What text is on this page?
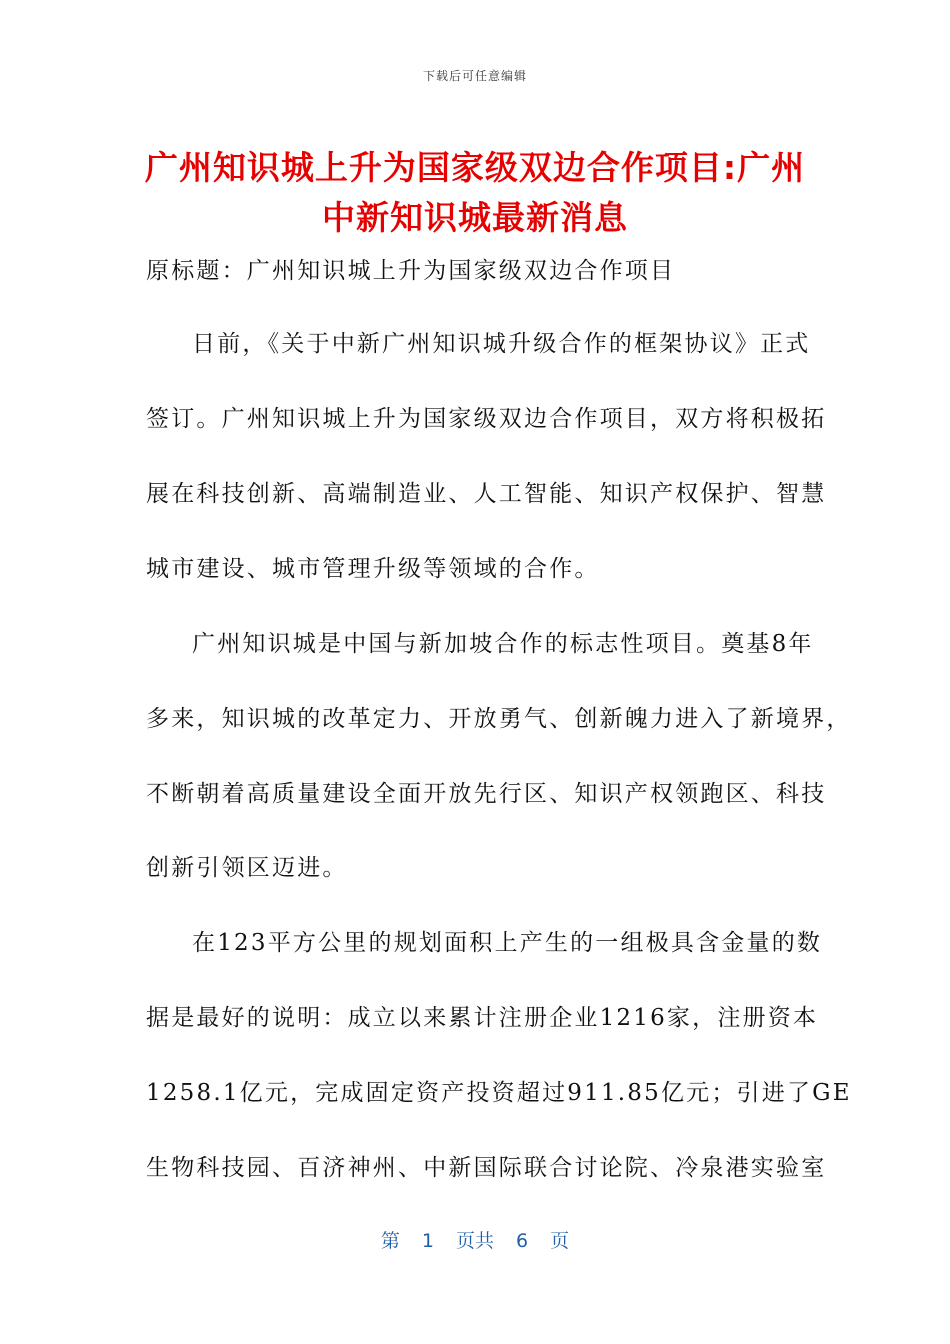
下载后可任意编辑
广州知识城上升为国家级双边合作项目:广州
中新知识城最新消息
原标题：广州知识城上升为国家级双边合作项目
日前，《关于中新广州知识城升级合作的框架协议》正式
签订。广州知识城上升为国家级双边合作项目，双方将积极拓
展在科技创新、高端制造业、人工智能、知识产权保护、智慧
城市建设、城市管理升级等领域的合作。
广州知识城是中国与新加坡合作的标志性项目。奠基8年
多来，知识城的改革定力、开放勇气、创新魄力进入了新境界，
不断朝着高质量建设全面开放先行区、知识产权领跑区、科技
创新引领区迈进。
在123平方公里的规划面积上产生的一组极具含金量的数
据是最好的说明：成立以来累计注册企业1216家，注册资本
1258.1亿元，完成固定资产投资超过911.85亿元；引进了GE
生物科技园、百济神州、中新国际联合讨论院、冷泉港实验室
第 1 页共 6 页
